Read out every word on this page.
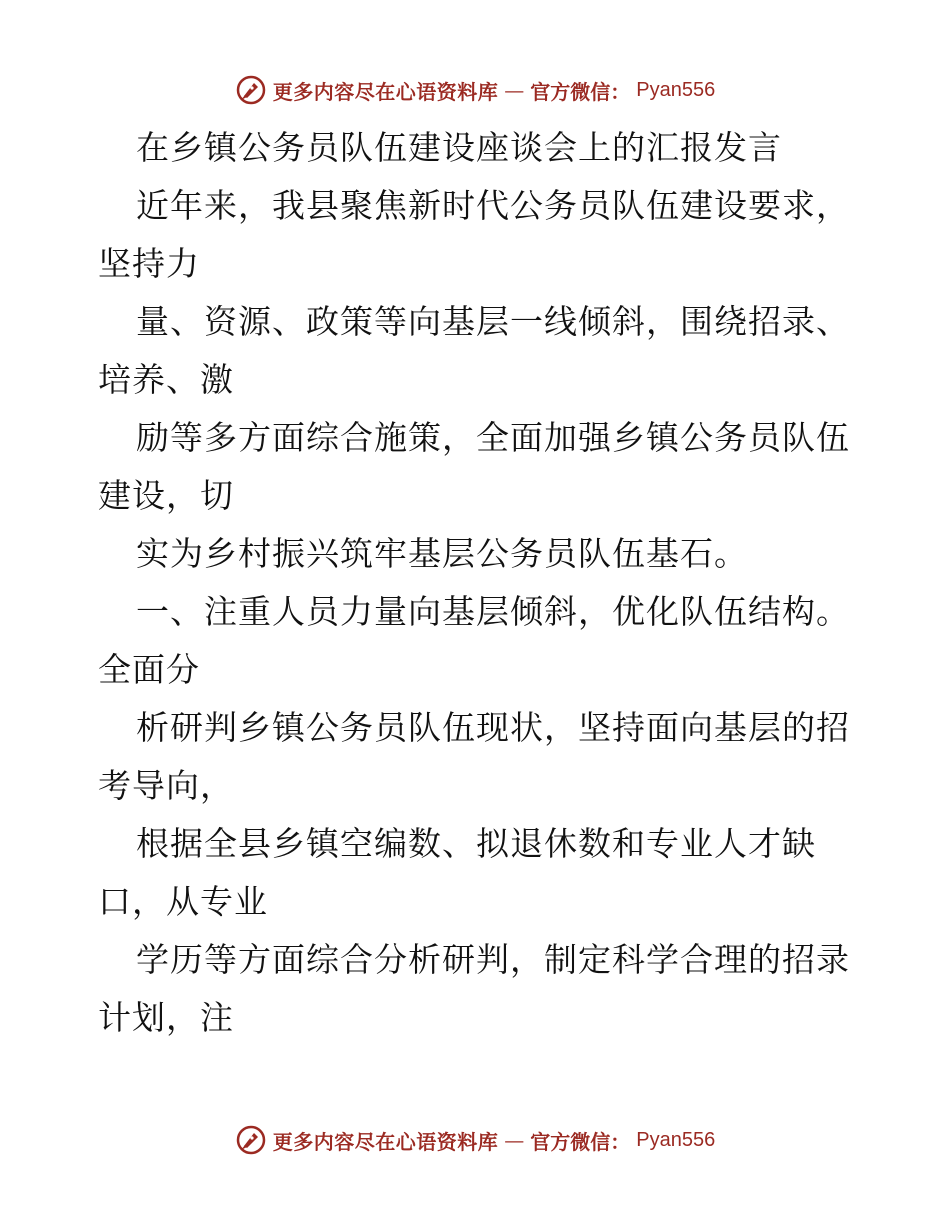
更多内容尽在心语资料库 — 官方微信： Pyan556
在乡镇公务员队伍建设座谈会上的汇报发言
近年来，我县聚焦新时代公务员队伍建设要求，
坚持力
量、资源、政策等向基层一线倾斜，围绕招录、
培养、激
励等多方面综合施策，全面加强乡镇公务员队伍
建设，切
实为乡村振兴筑牢基层公务员队伍基石。
一、注重人员力量向基层倾斜，优化队伍结构。
全面分
析研判乡镇公务员队伍现状，坚持面向基层的招
考导向，
根据全县乡镇空编数、拟退休数和专业人才缺
口，从专业
学历等方面综合分析研判，制定科学合理的招录
计划，注
更多内容尽在心语资料库 — 官方微信： Pyan556
